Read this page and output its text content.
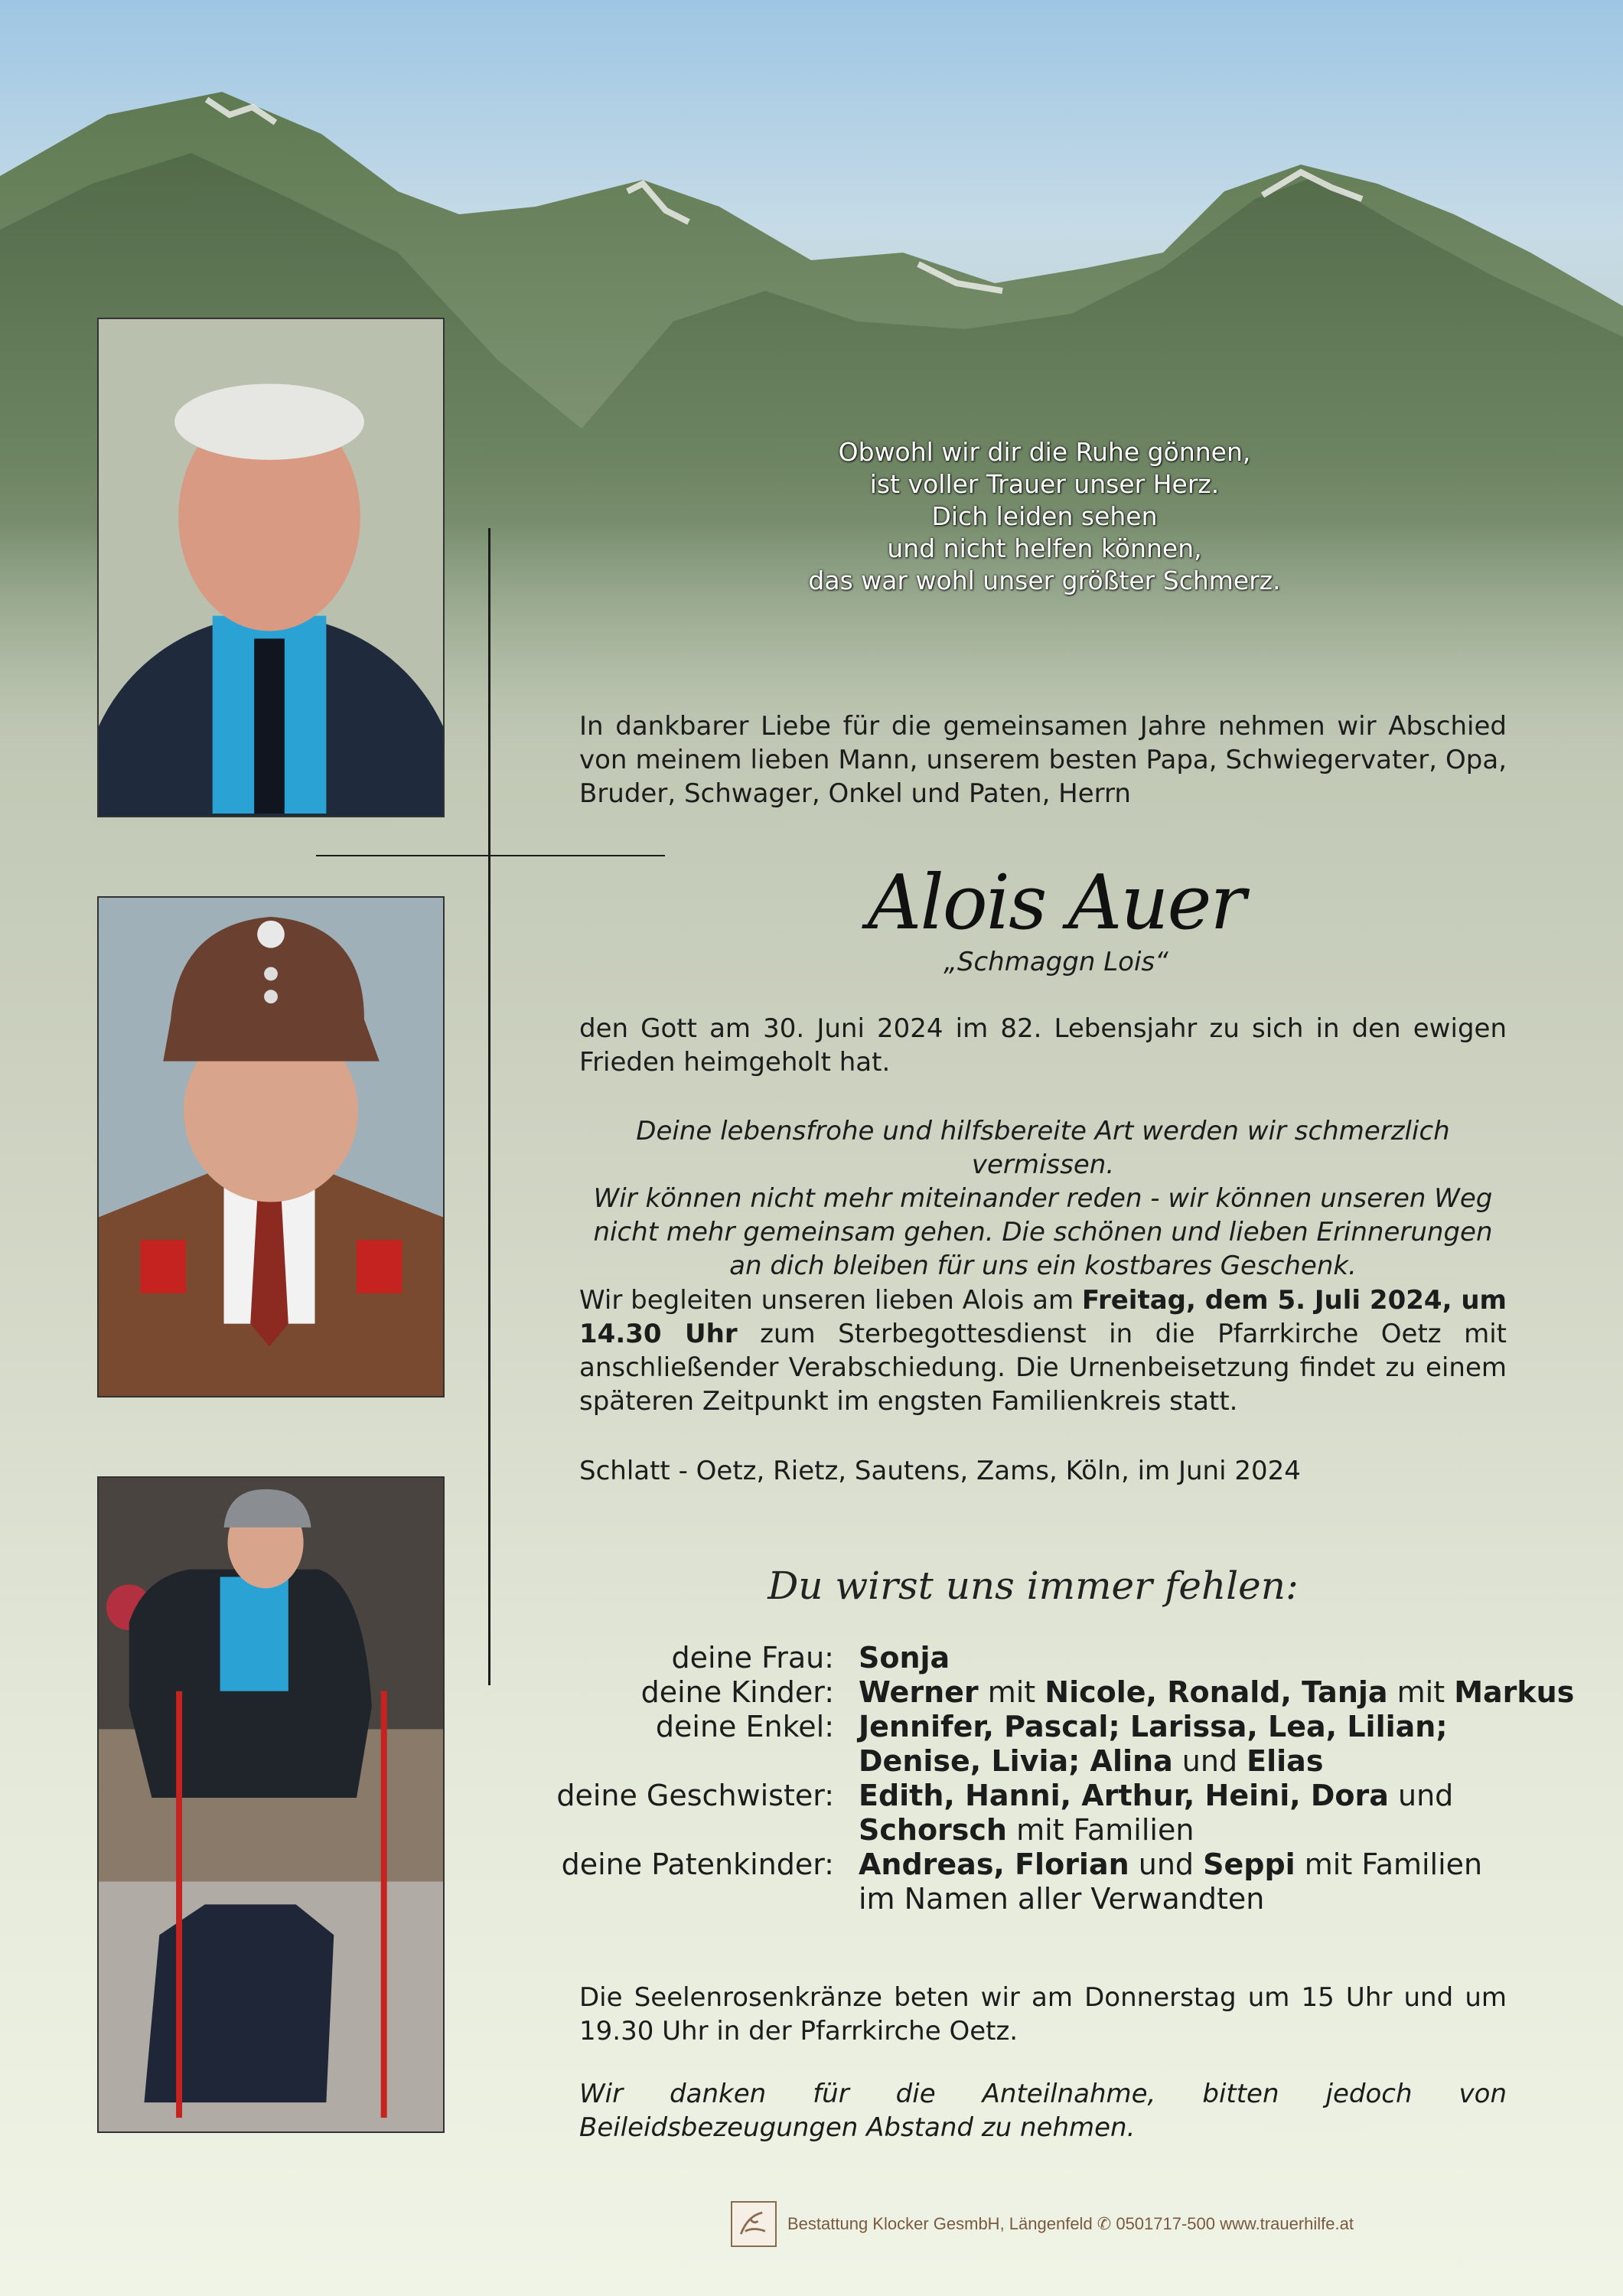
Obwohl wir dir die Ruhe gönnen,
ist voller Trauer unser Herz.
Dich leiden sehen
und nicht helfen können,
das war wohl unser größter Schmerz.
In dankbarer Liebe für die gemeinsamen Jahre nehmen wir Abschied von meinem lieben Mann, unserem besten Papa, Schwiegervater, Opa, Bruder, Schwager, Onkel und Paten, Herrn
Alois Auer
„Schmaggn Lois“
den Gott am 30. Juni 2024 im 82. Lebensjahr zu sich in den ewigen Frieden heimgeholt hat.
Deine lebensfrohe und hilfsbereite Art werden wir schmerzlich vermissen.
Wir können nicht mehr miteinander reden - wir können unseren Weg
nicht mehr gemeinsam gehen. Die schönen und lieben Erinnerungen
an dich bleiben für uns ein kostbares Geschenk.
Wir begleiten unseren lieben Alois am Freitag, dem 5. Juli 2024, um 14.30 Uhr zum Sterbegottesdienst in die Pfarrkirche Oetz mit anschließender Verabschiedung. Die Urnenbeisetzung findet zu einem späteren Zeitpunkt im engsten Familienkreis statt.
Schlatt - Oetz, Rietz, Sautens, Zams, Köln, im Juni 2024
Du wirst uns immer fehlen:
deine Frau: Sonja
deine Kinder: Werner mit Nicole, Ronald, Tanja mit Markus
deine Enkel: Jennifer, Pascal; Larissa, Lea, Lilian;
Denise, Livia; Alina und Elias
deine Geschwister: Edith, Hanni, Arthur, Heini, Dora und
Schorsch mit Familien
deine Patenkinder: Andreas, Florian und Seppi mit Familien
im Namen aller Verwandten
Die Seelenrosenkränze beten wir am Donnerstag um 15 Uhr und um 19.30 Uhr in der Pfarrkirche Oetz.
Wir danken für die Anteilnahme, bitten jedoch von Beileidsbezeugungen Abstand zu nehmen.
Bestattung Klocker GesmbH, Längenfeld ✆ 0501717-500 www.trauerhilfe.at
